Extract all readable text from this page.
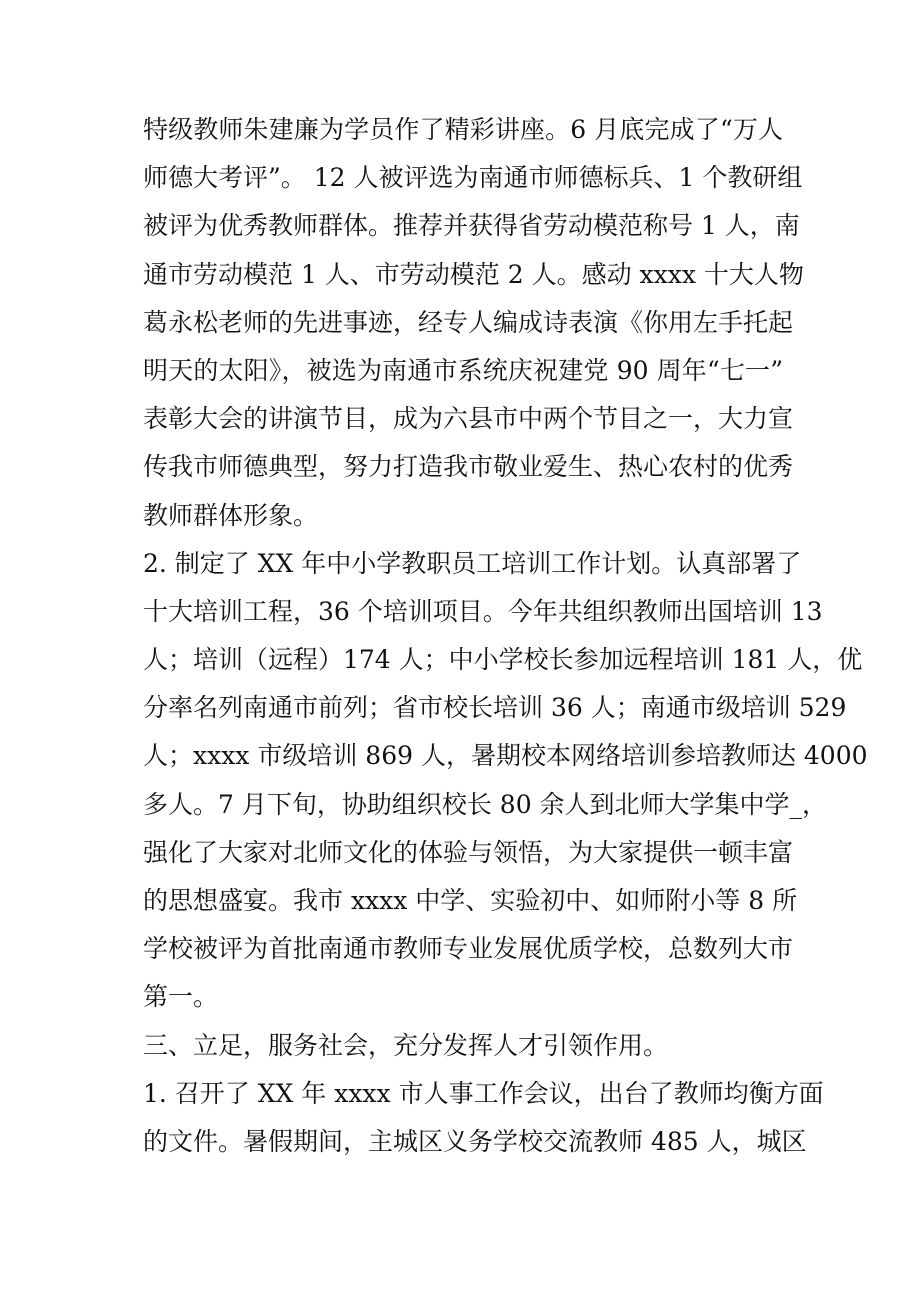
特级教师朱建廉为学员作了精彩讲座。6 月底完成了“万人
师德大考评”。 12 人被评选为南通市师德标兵、1 个教研组
被评为优秀教师群体。推荐并获得省劳动模范称号 1 人，南
通市劳动模范 1 人、市劳动模范 2 人。感动 xxxx 十大人物
葛永松老师的先进事迹，经专人编成诗表演《你用左手托起
明天的太阳》，被选为南通市系统庆祝建党 90 周年“七一”
表彰大会的讲演节目，成为六县市中两个节目之一，大力宣
传我市师德典型，努力打造我市敬业爱生、热心农村的优秀
教师群体形象。
2. 制定了 XX 年中小学教职员工培训工作计划。认真部署了
十大培训工程，36 个培训项目。今年共组织教师出国培训 13
人；培训（远程）174 人；中小学校长参加远程培训 181 人，优
分率名列南通市前列；省市校长培训 36 人；南通市级培训 529
人；xxxx 市级培训 869 人，暑期校本网络培训参培教师达 4000
多人。7 月下旬，协助组织校长 80 余人到北师大学集中学_，
强化了大家对北师文化的体验与领悟，为大家提供一顿丰富
的思想盛宴。我市 xxxx 中学、实验初中、如师附小等 8 所
学校被评为首批南通市教师专业发展优质学校，总数列大市
第一。
三、立足，服务社会，充分发挥人才引领作用。
1. 召开了 XX 年 xxxx 市人事工作会议，出台了教师均衡方面
的文件。暑假期间，主城区义务学校交流教师 485 人，城区
